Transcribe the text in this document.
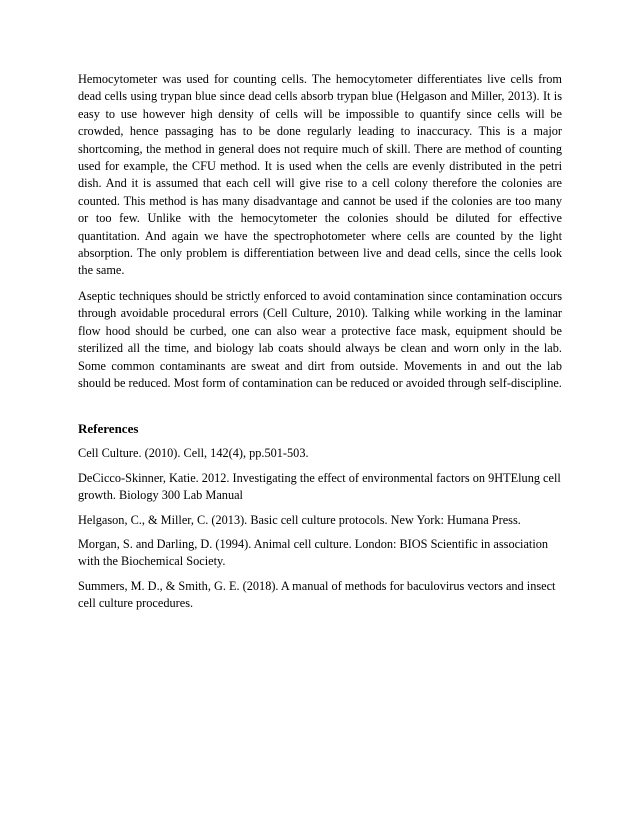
Hemocytometer was used for counting cells. The hemocytometer differentiates live cells from dead cells using trypan blue since dead cells absorb trypan blue (Helgason and Miller, 2013). It is easy to use however high density of cells will be impossible to quantify since cells will be crowded, hence passaging has to be done regularly leading to inaccuracy. This is a major shortcoming, the method in general does not require much of skill. There are method of counting used for example, the CFU method. It is used when the cells are evenly distributed in the petri dish. And it is assumed that each cell will give rise to a cell colony therefore the colonies are counted. This method is has many disadvantage and cannot be used if the colonies are too many or too few. Unlike with the hemocytometer the colonies should be diluted for effective quantitation. And again we have the spectrophotometer where cells are counted by the light absorption. The only problem is differentiation between live and dead cells, since the cells look the same.

Aseptic techniques should be strictly enforced to avoid contamination since contamination occurs through avoidable procedural errors (Cell Culture, 2010). Talking while working in the laminar flow hood should be curbed, one can also wear a protective face mask, equipment should be sterilized all the time, and biology lab coats should always be clean and worn only in the lab. Some common contaminants are sweat and dirt from outside. Movements in and out the lab should be reduced. Most form of contamination can be reduced or avoided through self-discipline.

References

Cell Culture. (2010). Cell, 142(4), pp.501-503.

DeCicco-Skinner, Katie. 2012. Investigating the effect of environmental factors on 9HTElung cell growth. Biology 300 Lab Manual

Helgason, C., & Miller, C. (2013). Basic cell culture protocols. New York: Humana Press.

Morgan, S. and Darling, D. (1994). Animal cell culture. London: BIOS Scientific in association with the Biochemical Society.

Summers, M. D., & Smith, G. E. (2018). A manual of methods for baculovirus vectors and insect cell culture procedures.
